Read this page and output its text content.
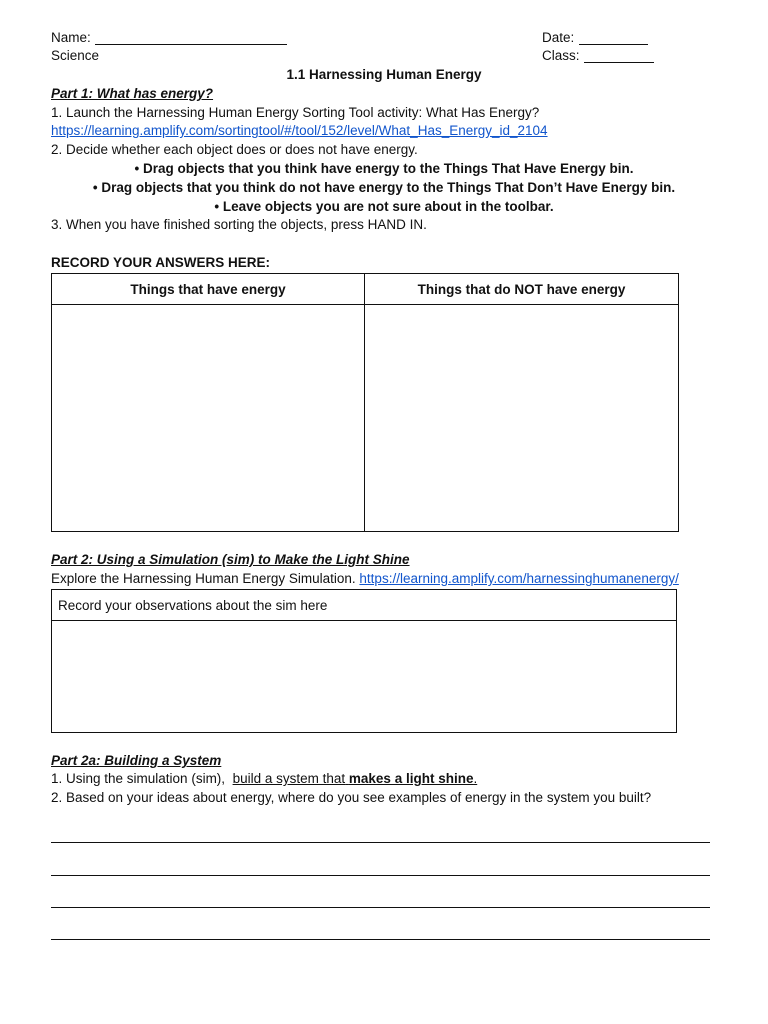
Name:	Date:
Science	Class:
1.1 Harnessing Human Energy
Part 1: What has energy?
1. Launch the Harnessing Human Energy Sorting Tool activity: What Has Energy?
https://learning.amplify.com/sortingtool/#/tool/152/level/What_Has_Energy_id_2104
2. Decide whether each object does or does not have energy.
• Drag objects that you think have energy to the Things That Have Energy bin.
• Drag objects that you think do not have energy to the Things That Don’t Have Energy bin.
• Leave objects you are not sure about in the toolbar.
3. When you have finished sorting the objects, press HAND IN.
RECORD YOUR ANSWERS HERE:
Things that have energy	Things that do NOT have energy

Part 2: Using a Simulation (sim) to Make the Light Shine
Explore the Harnessing Human Energy Simulation. https://learning.amplify.com/harnessinghumanenergy/
Record your observations about the sim here

Part 2a: Building a System
1. Using the simulation (sim), build a system that makes a light shine.
2. Based on your ideas about energy, where do you see examples of energy in the system you built?
